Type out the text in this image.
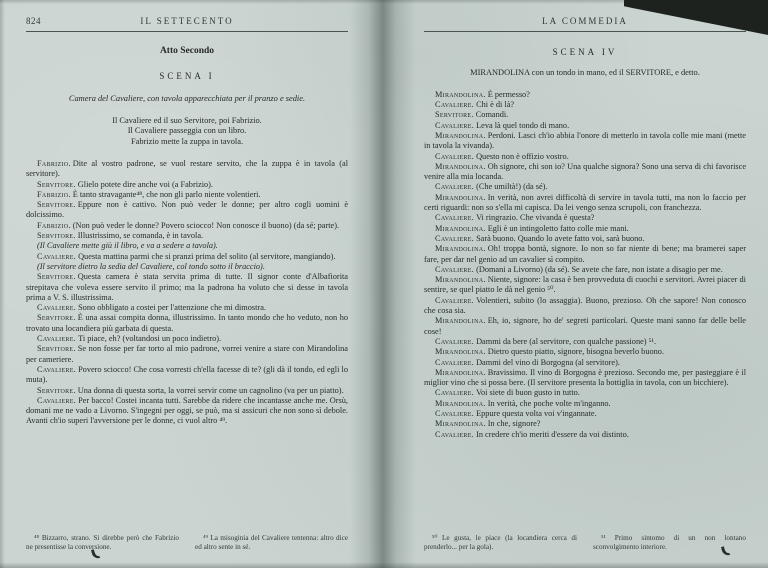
824	IL SETTECENTO

Atto Secondo

SCENA I

Camera del Cavaliere, con tavola apparecchiata per il pranzo e sedie.

Il Cavaliere ed il suo Servitore, poi Fabrizio.

Il Cavaliere passeggia con un libro.

Fabrizio mette la zuppa in tavola.

Fabrizio. Dite al vostro padrone, se vuol restare servito, che la zuppa è in tavola (al servitore).

Servitore. Glielo potete dire anche voi (a Fabrizio).

Fabrizio. È tanto stravagante⁴⁸, che non gli parlo niente volentieri.

Servitore. Eppure non è cattivo. Non può veder le donne; per altro cogli uomini è dolcissimo.

Fabrizio. (Non può veder le donne? Povero sciocco! Non conosce il buono) (da sé; parte).

Servitore. Illustrissimo, se comanda, è in tavola.

(Il Cavaliere mette giù il libro, e va a sedere a tavola).

Cavaliere. Questa mattina parmi che si pranzi prima del solito (al servitore, mangiando).

(Il servitore dietro la sedia del Cavaliere, col tondo sotto il braccio).

Servitore. Questa camera è stata servita prima di tutte. Il signor conte d'Albafiorita strepitava che voleva essere servito il primo; ma la padrona ha voluto che si desse in tavola prima a V. S. illustrissima.

Cavaliere. Sono obbligato a costei per l'attenzione che mi dimostra.

Servitore. È una assai compita donna, illustrissimo. In tanto mondo che ho veduto, non ho trovato una locandiera più garbata di questa.

Cavaliere. Ti piace, eh? (voltandosi un poco indietro).

Servitore. Se non fosse per far torto al mio padrone, vorrei venire a stare con Mirandolina per cameriere.

Cavaliere. Povero sciocco! Che cosa vorresti ch'ella facesse di te? (gli dà il tondo, ed egli lo muta).

Servitore. Una donna di questa sorta, la vorrei servir come un cagnolino (va per un piatto).

Cavaliere. Per bacco! Costei incanta tutti. Sarebbe da ridere che incantasse anche me. Orsù, domani me ne vado a Livorno. S'ingegni per oggi, se può, ma si assicuri che non sono sì debole. Avanti ch'io superi l'avversione per le donne, ci vuol altro ⁴⁹.

⁴⁸ Bizzarro, strano. Si direbbe però che Fabrizio ne presentisse la conversione.

⁴⁹ La misoginia del Cavaliere tentenna: altro dice ed altro sente in sé.

LA COMMEDIA

SCENA IV

MIRANDOLINA con un tondo in mano, ed il SERVITORE, e detto.

Mirandolina. È permesso?

Cavaliere. Chi è di là?

Servitore. Comandi.

Cavaliere. Leva là quel tondo di mano.

Mirandolina. Perdoni. Lasci ch'io abbia l'onore di metterlo in tavola colle mie mani (mette in tavola la vivanda).

Cavaliere. Questo non è offizio vostro.

Mirandolina. Oh signore, chi son io? Una qualche signora? Sono una serva di chi favorisce venire alla mia locanda.

Cavaliere. (Che umiltà!) (da sé).

Mirandolina. In verità, non avrei difficoltà di servire in tavola tutti, ma non lo faccio per certi riguardi: non so s'ella mi capisca. Da lei vengo senza scrupoli, con franchezza.

Cavaliere. Vi ringrazio. Che vivanda è questa?

Mirandolina. Egli è un intingoletto fatto colle mie mani.

Cavaliere. Sarà buono. Quando lo avete fatto voi, sarà buono.

Mirandolina. Oh! troppa bontà, signore. Io non so far niente di bene; ma bramerei saper fare, per dar nel genio ad un cavalier sì compito.

Cavaliere. (Domani a Livorno) (da sé). Se avete che fare, non istate a disagio per me.

Mirandolina. Niente, signore: la casa è ben provveduta di cuochi e servitori. Avrei piacer di sentire, se quel piatto le dà nel genio ⁵⁰.

Cavaliere. Volentieri, subito (lo assaggia). Buono, prezioso. Oh che sapore! Non conosco che cosa sia.

Mirandolina. Eh, io, signore, ho de' segreti particolari. Queste mani sanno far delle belle cose!

Cavaliere. Dammi da bere (al servitore, con qualche passione) ⁵¹.

Mirandolina. Dietro questo piatto, signore, bisogna beverlo buono.

Cavaliere. Dammi del vino di Borgogna (al servitore).

Mirandolina. Bravissimo. Il vino di Borgogna è prezioso. Secondo me, per pasteggiare è il miglior vino che si possa bere. (Il servitore presenta la bottiglia in tavola, con un bicchiere).

Cavaliere. Voi siete di buon gusto in tutto.

Mirandolina. In verità, che poche volte m'inganno.

Cavaliere. Eppure questa volta voi v'ingannate.

Mirandolina. In che, signore?

Cavaliere. In credere ch'io meriti d'essere da voi distinto.

⁵⁰ Le gusta, le piace (la locandiera cerca di prenderlo... per la gola).

⁵¹ Primo sintomo di un non lontano sconvolgimento interiore.
